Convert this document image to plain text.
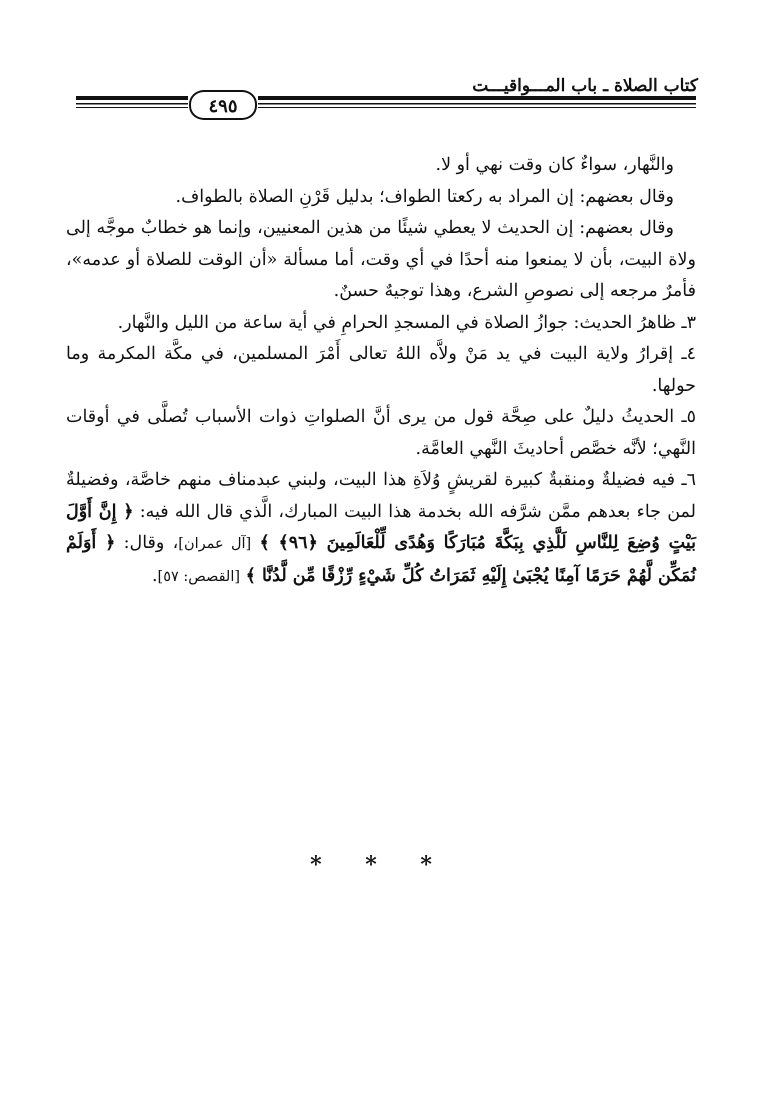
كتاب الصلاة ـ باب المـــواقيـــت
٤٩٥

والنَّهار، سواءٌ كان وقت نهي أو لا.

وقال بعضهم: إن المراد به ركعتا الطواف؛ بدليل قَرْنِ الصلاة بالطواف.

وقال بعضهم: إن الحديث لا يعطي شيئًا من هذين المعنيين، وإنما هو خطابٌ موجَّه إلى ولاة البيت، بأن لا يمنعوا منه أحدًا في أي وقت، أما مسألة «أن الوقت للصلاة أو عدمه»، فأمرٌ مرجعه إلى نصوصِ الشرع، وهذا توجيهٌ حسنٌ.

٣ـ ظاهرُ الحديث: جوازُ الصلاة في المسجدِ الحرامِ في أية ساعة من الليل والنَّهار.

٤ـ إقرارُ ولاية البيت في يد مَنْ ولاَّه اللهُ تعالى أَمْرَ المسلمين، في مكَّة المكرمة وما حولها.

٥ـ الحديثُ دليلٌ على صِحَّة قول من يرى أنَّ الصلواتِ ذوات الأسباب تُصلَّى في أوقات النَّهي؛ لأنَّه خصَّص أحاديثَ النَّهي العامَّة.

٦ـ فيه فضيلةٌ ومنقبةٌ كبيرة لقريشٍ وُلاَةِ هذا البيت، ولبني عبدمناف منهم خاصَّة، وفضيلةٌ لمن جاء بعدهم ممَّن شرَّفه الله بخدمة هذا البيت المبارك، الَّذي قال الله فيه: ﴿ إِنَّ أَوَّلَ بَيْتٍ وُضِعَ لِلنَّاسِ لَلَّذِي بِبَكَّةَ مُبَارَكًا وَهُدًى لِّلْعَالَمِينَ ﴿٩٦﴾ ﴾ [آل عمران]، وقال: ﴿ أَوَلَمْ نُمَكِّن لَّهُمْ حَرَمًا آمِنًا يُجْبَىٰ إِلَيْهِ ثَمَرَاتُ كُلِّ شَيْءٍ رِّزْقًا مِّن لَّدُنَّا ﴾ [القصص: ٥٧].

* * *
